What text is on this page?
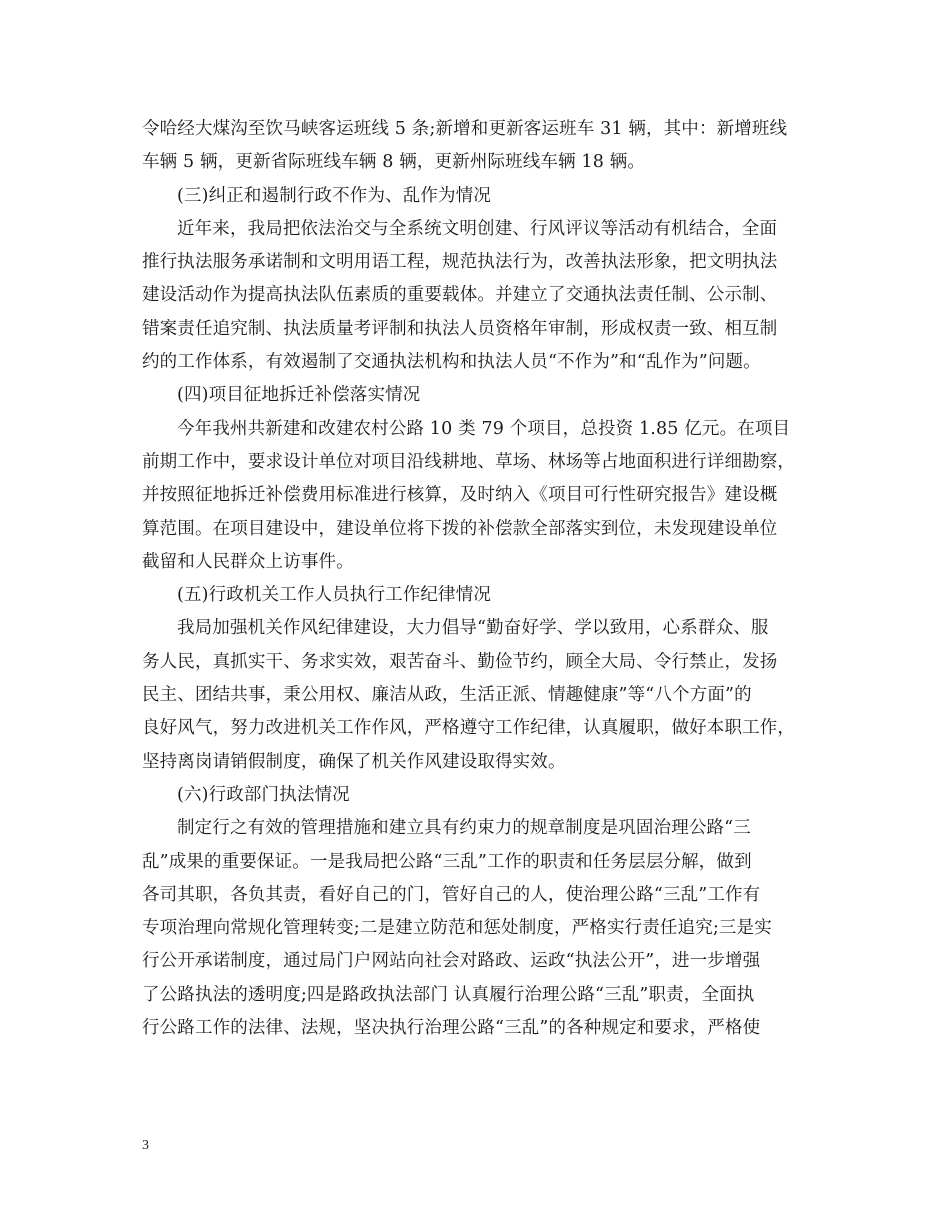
令哈经大煤沟至饮马峡客运班线 5 条;新增和更新客运班车 31 辆，其中：新增班线
车辆 5 辆，更新省际班线车辆 8 辆，更新州际班线车辆 18 辆。
(三)纠正和遏制行政不作为、乱作为情况
近年来，我局把依法治交与全系统文明创建、行风评议等活动有机结合，全面
推行执法服务承诺制和文明用语工程，规范执法行为，改善执法形象，把文明执法
建设活动作为提高执法队伍素质的重要载体。并建立了交通执法责任制、公示制、
错案责任追究制、执法质量考评制和执法人员资格年审制，形成权责一致、相互制
约的工作体系，有效遏制了交通执法机构和执法人员“不作为”和“乱作为”问题。
(四)项目征地拆迁补偿落实情况
今年我州共新建和改建农村公路 10 类 79 个项目，总投资 1.85 亿元。在项目
前期工作中，要求设计单位对项目沿线耕地、草场、林场等占地面积进行详细勘察，
并按照征地拆迁补偿费用标准进行核算，及时纳入《项目可行性研究报告》建设概
算范围。在项目建设中，建设单位将下拨的补偿款全部落实到位，未发现建设单位
截留和人民群众上访事件。
(五)行政机关工作人员执行工作纪律情况
我局加强机关作风纪律建设，大力倡导“勤奋好学、学以致用，心系群众、服
务人民，真抓实干、务求实效，艰苦奋斗、勤俭节约，顾全大局、令行禁止，发扬
民主、团结共事，秉公用权、廉洁从政，生活正派、情趣健康”等“八个方面”的
良好风气，努力改进机关工作作风，严格遵守工作纪律，认真履职，做好本职工作，
坚持离岗请销假制度，确保了机关作风建设取得实效。
(六)行政部门执法情况
制定行之有效的管理措施和建立具有约束力的规章制度是巩固治理公路“三
乱”成果的重要保证。一是我局把公路“三乱”工作的职责和任务层层分解，做到
各司其职，各负其责，看好自己的门，管好自己的人，使治理公路“三乱”工作有
专项治理向常规化管理转变;二是建立防范和惩处制度，严格实行责任追究;三是实
行公开承诺制度，通过局门户网站向社会对路政、运政“执法公开”，进一步增强
了公路执法的透明度;四是路政执法部门 认真履行治理公路“三乱”职责，全面执
行公路工作的法律、法规，坚决执行治理公路“三乱”的各种规定和要求，严格使
3
